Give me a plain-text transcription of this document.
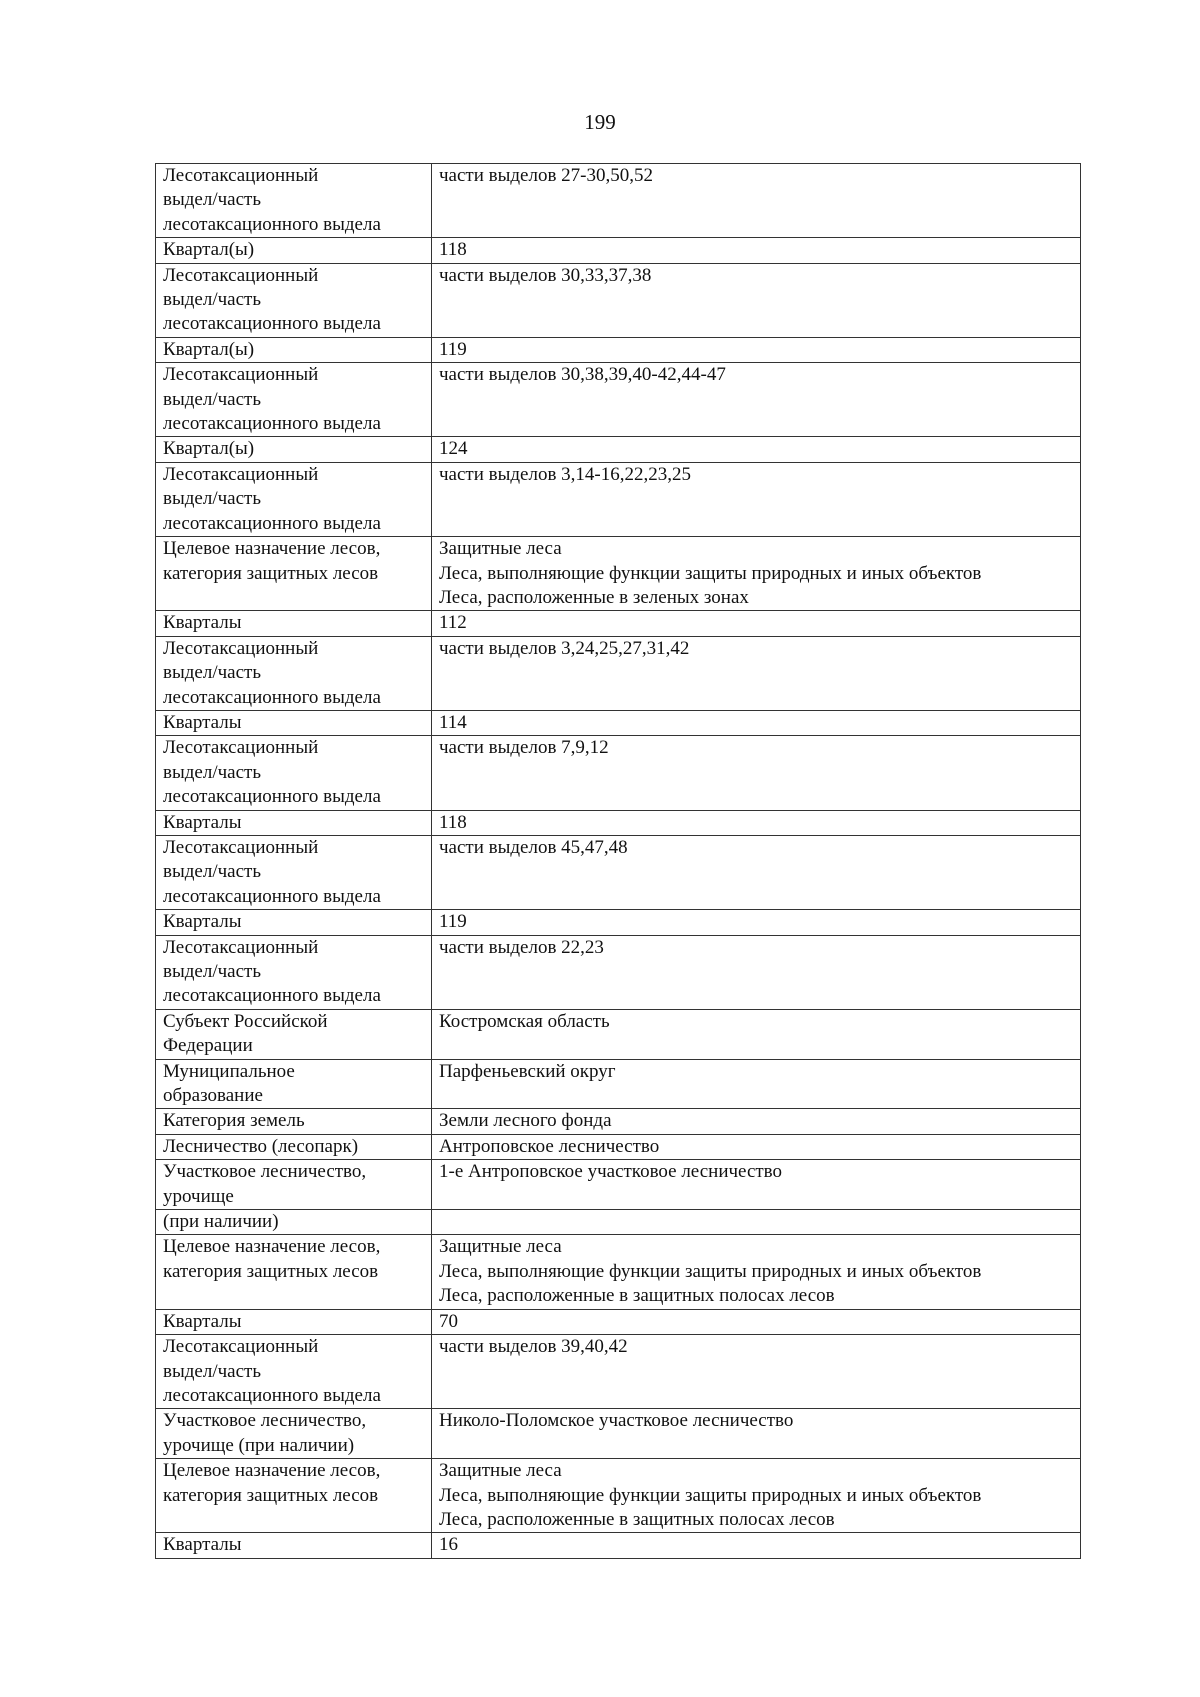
199
Лесотаксационный
выдел/часть
лесотаксационного выдела	части выделов 27-30,50,52
Квартал(ы)	118
Лесотаксационный
выдел/часть
лесотаксационного выдела	части выделов 30,33,37,38
Квартал(ы)	119
Лесотаксационный
выдел/часть
лесотаксационного выдела	части выделов 30,38,39,40-42,44-47
Квартал(ы)	124
Лесотаксационный
выдел/часть
лесотаксационного выдела	части выделов 3,14-16,22,23,25
Целевое назначение лесов,
категория защитных лесов	Защитные леса
Леса, выполняющие функции защиты природных и иных объектов
Леса, расположенные в зеленых зонах
Кварталы	112
Лесотаксационный
выдел/часть
лесотаксационного выдела	части выделов 3,24,25,27,31,42
Кварталы	114
Лесотаксационный
выдел/часть
лесотаксационного выдела	части выделов 7,9,12
Кварталы	118
Лесотаксационный
выдел/часть
лесотаксационного выдела	части выделов 45,47,48
Кварталы	119
Лесотаксационный
выдел/часть
лесотаксационного выдела	части выделов 22,23
Субъект Российской
Федерации	Костромская область
Муниципальное
образование	Парфеньевский округ
Категория земель	Земли лесного фонда
Лесничество (лесопарк)	Антроповское лесничество
Участковое лесничество,
урочище	1-е Антроповское участковое лесничество
(при наличии)	
Целевое назначение лесов,
категория защитных лесов	Защитные леса
Леса, выполняющие функции защиты природных и иных объектов
Леса, расположенные в защитных полосах лесов
Кварталы	70
Лесотаксационный
выдел/часть
лесотаксационного выдела	части выделов 39,40,42
Участковое лесничество,
урочище (при наличии)	Николо-Поломское участковое лесничество
Целевое назначение лесов,
категория защитных лесов	Защитные леса
Леса, выполняющие функции защиты природных и иных объектов
Леса, расположенные в защитных полосах лесов
Кварталы	16
